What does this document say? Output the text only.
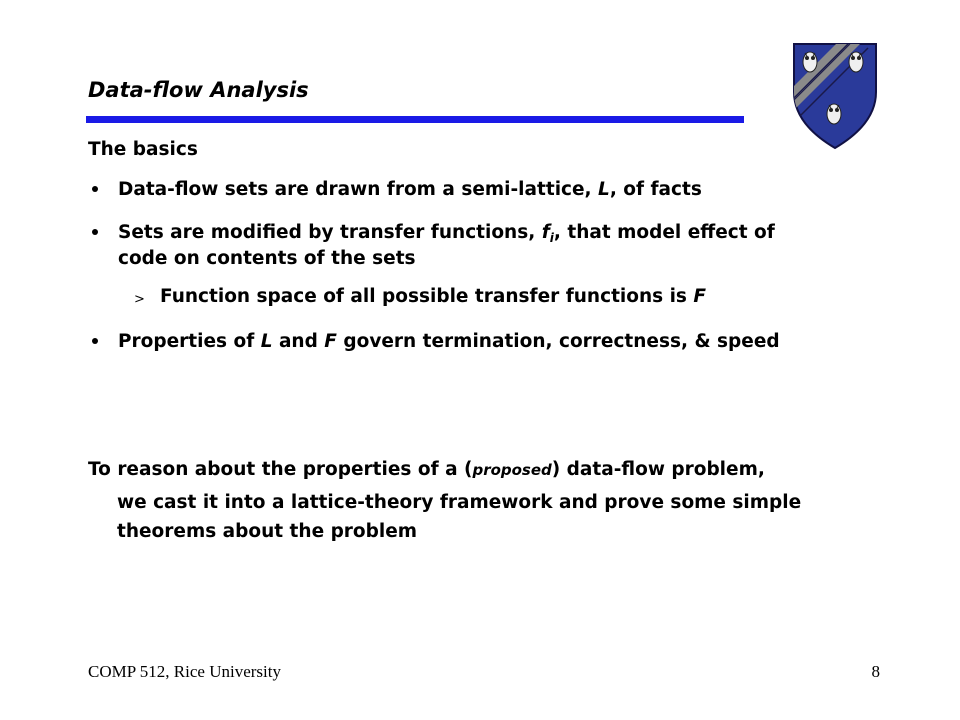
Data-flow Analysis
The basics
Data-flow sets are drawn from a semi-lattice, L, of facts
Sets are modified by transfer functions, $f_i$, that model effect of
code on contents of the sets
> Function space of all possible transfer functions is F
Properties of L and F govern termination, correctness, & speed
To reason about the properties of a (proposed) data-flow problem,
we cast it into a lattice-theory framework and prove some simple
theorems about the problem
COMP 512, Rice University	8
